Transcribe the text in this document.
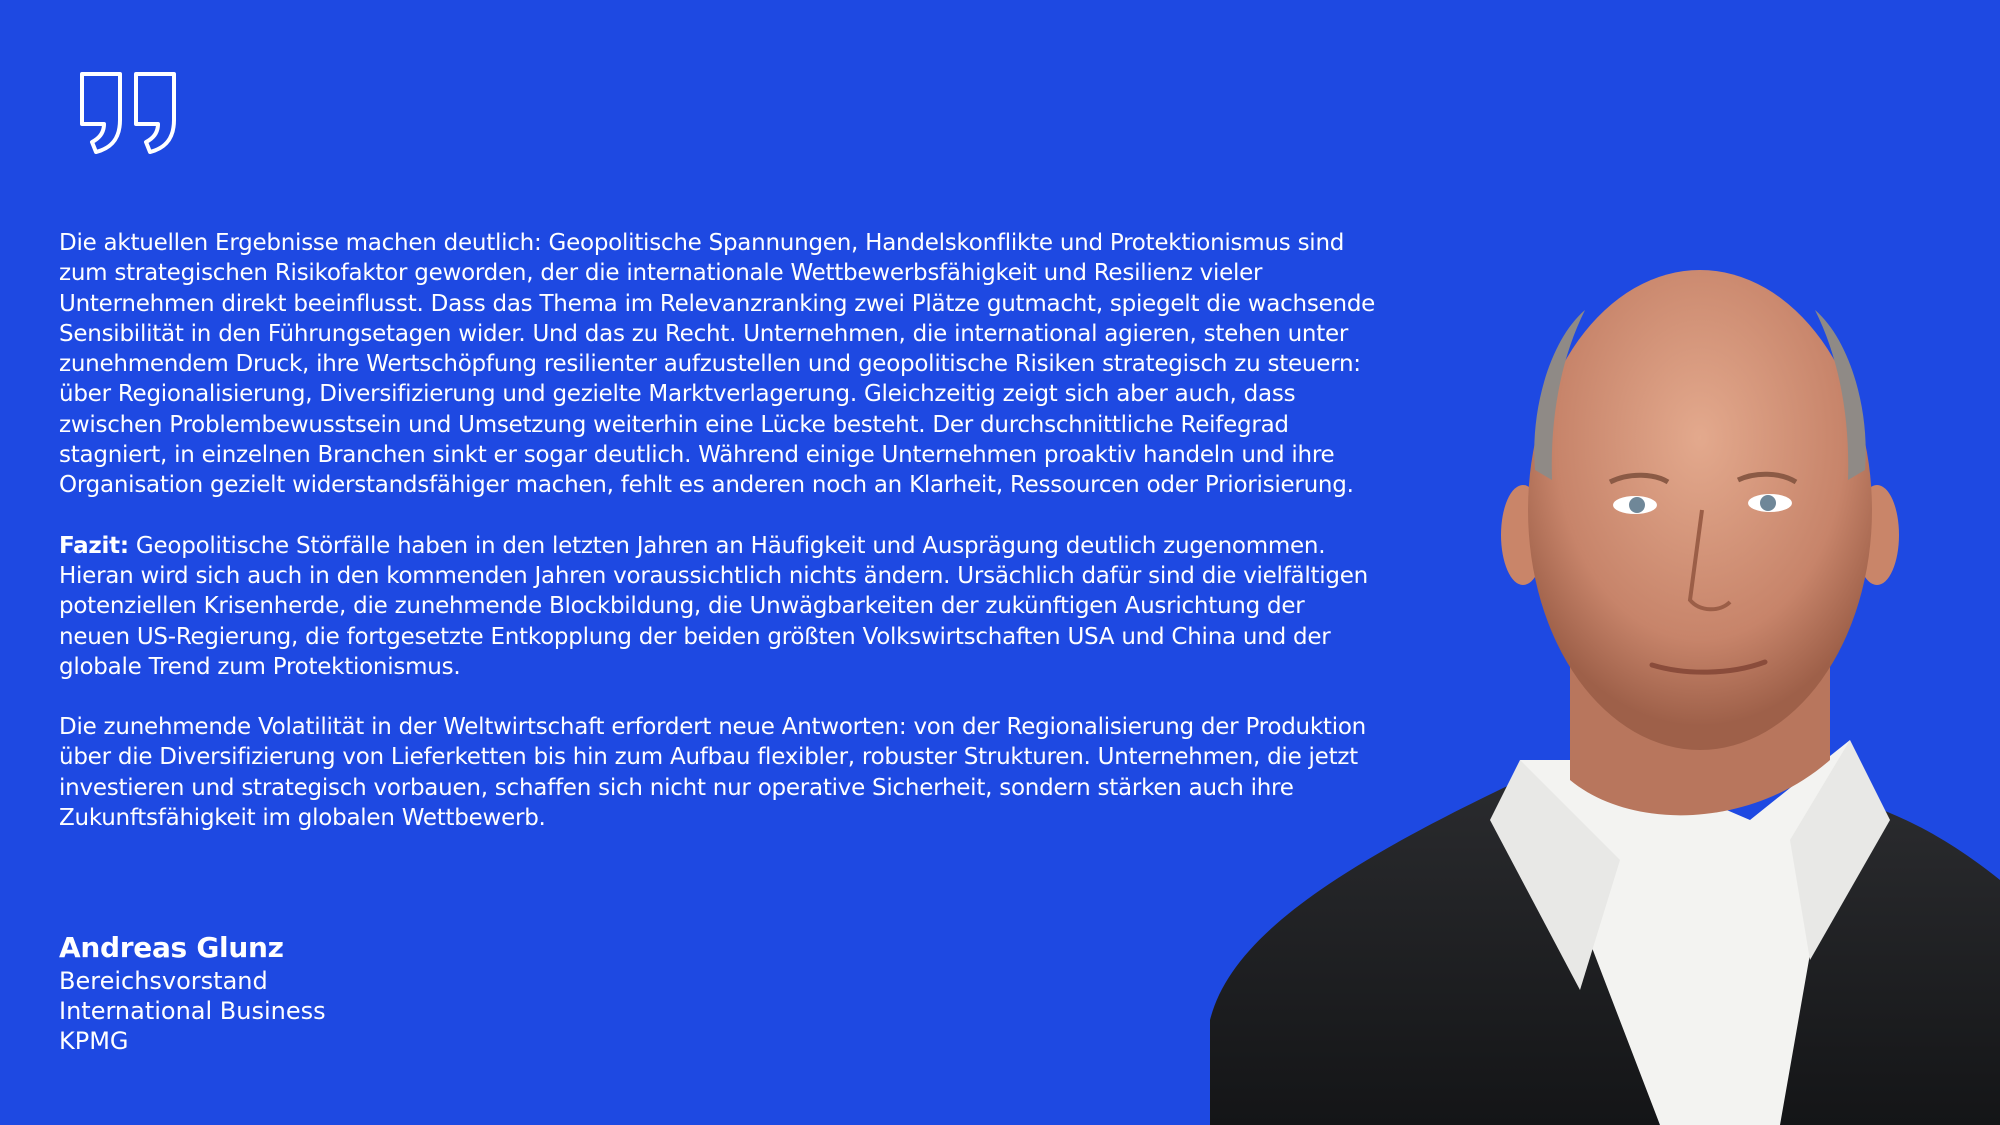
Die aktuellen Ergebnisse machen deutlich: Geopolitische Spannungen, Handelskonflikte und Protektionismus sind zum strategischen Risikofaktor geworden, der die internationale Wettbewerbsfähigkeit und Resilienz vieler Unternehmen direkt beeinflusst. Dass das Thema im Relevanzranking zwei Plätze gutmacht, spiegelt die wachsende Sensibilität in den Führungsetagen wider. Und das zu Recht. Unternehmen, die international agieren, stehen unter zunehmendem Druck, ihre Wertschöpfung resilienter aufzustellen und geopolitische Risiken strategisch zu steuern: über Regionalisierung, Diversifizierung und gezielte Marktverlagerung. Gleichzeitig zeigt sich aber auch, dass zwischen Problembewusstsein und Umsetzung weiterhin eine Lücke besteht. Der durchschnittliche Reifegrad stagniert, in einzelnen Branchen sinkt er sogar deutlich. Während einige Unternehmen proaktiv handeln und ihre Organisation gezielt widerstandsfähiger machen, fehlt es anderen noch an Klarheit, Ressourcen oder Priorisierung.

Fazit: Geopolitische Störfälle haben in den letzten Jahren an Häufigkeit und Ausprägung deutlich zugenommen. Hieran wird sich auch in den kommenden Jahren voraussichtlich nichts ändern. Ursächlich dafür sind die vielfältigen potenziellen Krisenherde, die zunehmende Blockbildung, die Unwägbarkeiten der zukünftigen Ausrichtung der neuen US-Regierung, die fortgesetzte Entkopplung der beiden größten Volkswirtschaften USA und China und der globale Trend zum Protektionismus.

Die zunehmende Volatilität in der Weltwirtschaft erfordert neue Antworten: von der Regionalisierung der Produktion über die Diversifizierung von Lieferketten bis hin zum Aufbau flexibler, robuster Strukturen. Unternehmen, die jetzt investieren und strategisch vorbauen, schaffen sich nicht nur operative Sicherheit, sondern stärken auch ihre Zukunftsfähigkeit im globalen Wettbewerb.

Andreas Glunz
Bereichsvorstand
International Business
KPMG
